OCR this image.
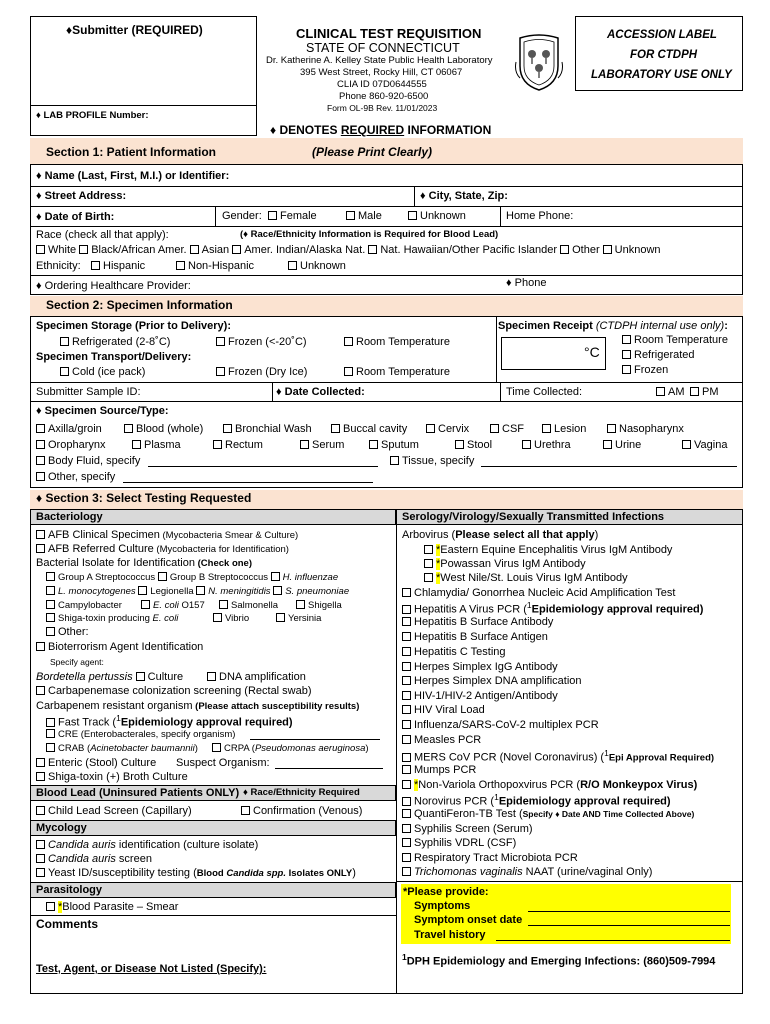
♦Submitter (REQUIRED)
♦ LAB PROFILE Number:
CLINICAL TEST REQUISITION
STATE OF CONNECTICUT
Dr. Katherine A. Kelley State Public Health Laboratory
395 West Street, Rocky Hill, CT 06067
CLIA ID 07D0644555
Phone 860-920-6500
Form OL-9B Rev. 11/01/2023
ACCESSION LABEL
FOR CTDPH
LABORATORY USE ONLY
♦ DENOTES REQUIRED INFORMATION
Section 1: Patient Information	(Please Print Clearly)
♦ Name (Last, First, M.I.) or Identifier:
♦ Street Address:	♦ City, State, Zip:
♦ Date of Birth:	Gender:	Female	Male	Unknown	Home Phone:
Race (check all that apply):	(♦ Race/Ethnicity Information is Required for Blood Lead)
White Black/African Amer. Asian Amer. Indian/Alaska Nat. Nat. Hawaiian/Other Pacific Islander Other Unknown
Ethnicity:	Hispanic	Non-Hispanic	Unknown
♦ Ordering Healthcare Provider:	♦ Phone
Section 2: Specimen Information
Specimen Storage (Prior to Delivery):
Refrigerated (2-8˚C)	Frozen (<-20˚C)	Room Temperature
Specimen Transport/Delivery:
Cold (ice pack)	Frozen (Dry Ice)	Room Temperature
Specimen Receipt (CTDPH internal use only):
°C
Room Temperature
Refrigerated
Frozen
Submitter Sample ID:	♦ Date Collected:	Time Collected:	AM	PM
♦ Specimen Source/Type:
Axilla/groin	Blood (whole)	Bronchial Wash	Buccal cavity	Cervix	CSF	Lesion	Nasopharynx
Oropharynx	Plasma	Rectum	Serum	Sputum	Stool	Urethra	Urine	Vagina
Body Fluid, specify	Tissue, specify
Other, specify
♦ Section 3: Select Testing Requested
Bacteriology
AFB Clinical Specimen (Mycobacteria Smear & Culture)
AFB Referred Culture (Mycobacteria for Identification)
Bacterial Isolate for Identification (Check one)
Group A Streptococcus Group B Streptococcus H. influenzae
L. monocytogenes Legionella N. meningitidis S. pneumoniae
Campylobacter	E. coli O157	Salmonella	Shigella
Shiga-toxin producing E. coli	Vibrio	Yersinia
Other:
Bioterrorism Agent Identification
Specify agent:
Bordetella pertussis Culture	DNA amplification
Carbapenemase colonization screening (Rectal swab)
Carbapenem resistant organism (Please attach susceptibility results)
Fast Track ($^1$Epidemiology approval required)
CRE (Enterobacterales, specify organism)
CRAB (Acinetobacter baumannii)	CRPA (Pseudomonas aeruginosa)
Enteric (Stool) Culture Suspect Organism:
Shiga-toxin (+) Broth Culture
Blood Lead (Uninsured Patients ONLY) ♦ Race/Ethnicity Required
Child Lead Screen (Capillary)	Confirmation (Venous)
Mycology
Candida auris identification (culture isolate)
Candida auris screen
Yeast ID/susceptibility testing (Blood Candida spp. Isolates ONLY)
Parasitology
*Blood Parasite – Smear
Comments
Test, Agent, or Disease Not Listed (Specify):
Serology/Virology/Sexually Transmitted Infections
Arbovirus (Please select all that apply)
*Eastern Equine Encephalitis Virus IgM Antibody
*Powassan Virus IgM Antibody
*West Nile/St. Louis Virus IgM Antibody
Chlamydia/ Gonorrhea Nucleic Acid Amplification Test
Hepatitis A Virus PCR ($^1$Epidemiology approval required)
Hepatitis B Surface Antibody
Hepatitis B Surface Antigen
Hepatitis C Testing
Herpes Simplex IgG Antibody
Herpes Simplex DNA amplification
HIV-1/HIV-2 Antigen/Antibody
HIV Viral Load
Influenza/SARS-CoV-2 multiplex PCR
Measles PCR
MERS CoV PCR (Novel Coronavirus) ($^1$Epi Approval Required)
Mumps PCR
*Non-Variola Orthopoxvirus PCR (R/O Monkeypox Virus)
Norovirus PCR ($^1$Epidemiology approval required)
QuantiFeron-TB Test (Specify ♦ Date AND Time Collected Above)
Syphilis Screen (Serum)
Syphilis VDRL (CSF)
Respiratory Tract Microbiota PCR
Trichomonas vaginalis NAAT (urine/vaginal Only)
*Please provide:
Symptoms
Symptom onset date
Travel history
$^1$DPH Epidemiology and Emerging Infections: (860)509-7994
